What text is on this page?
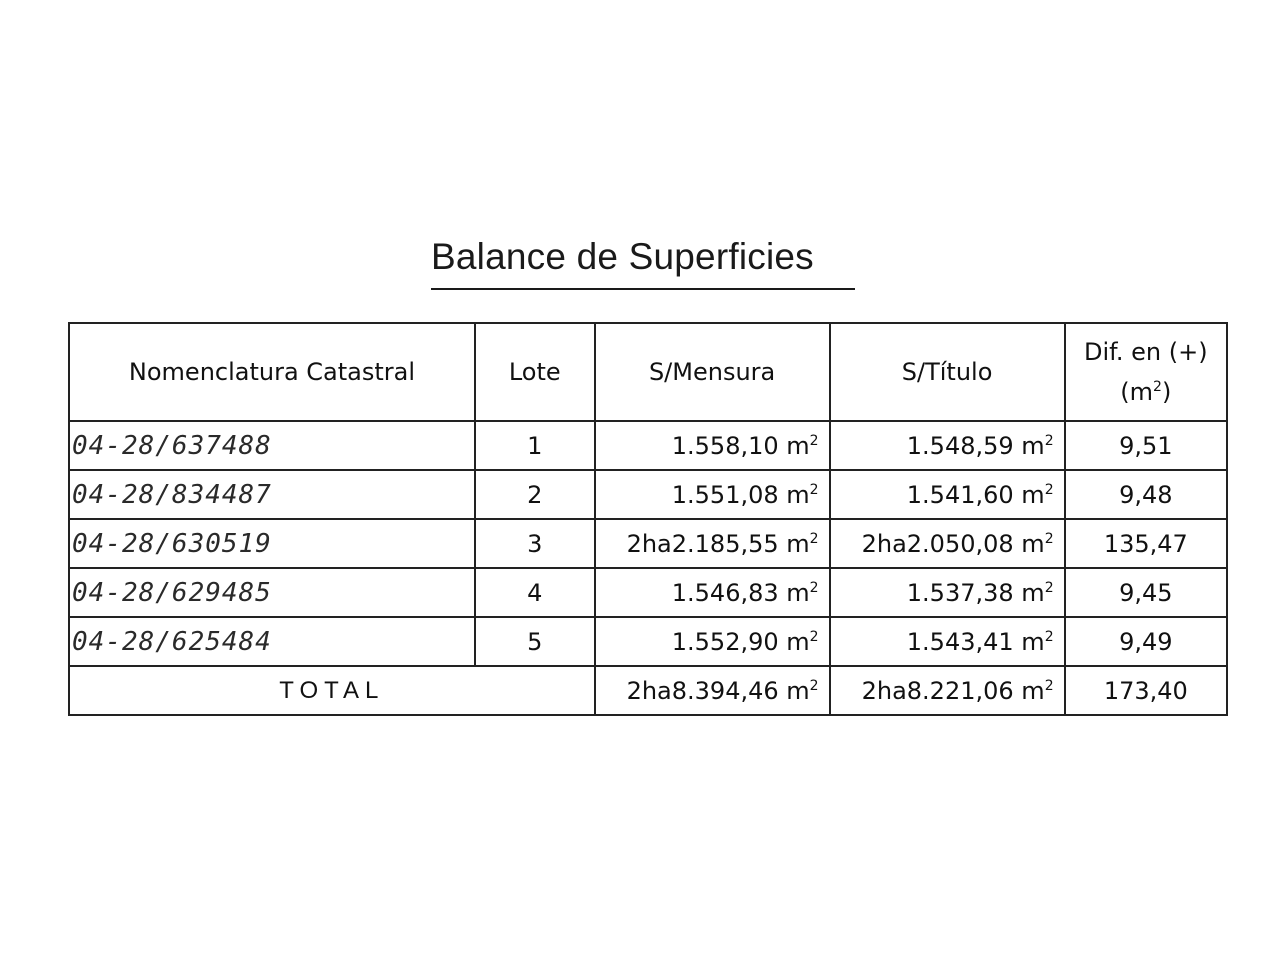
Balance de Superficies
Nomenclatura Catastral	Lote	S/Mensura	S/Título	Dif. en (+)
$(m^2)$

04-28/637488	1	1.558,10 $m^2$	1.548,59 $m^2$	9,51
04-28/834487	2	1.551,08 $m^2$	1.541,60 $m^2$	9,48
04-28/630519	3	2ha2.185,55 $m^2$	2ha2.050,08 $m^2$	135,47
04-28/629485	4	1.546,83 $m^2$	1.537,38 $m^2$	9,45
04-28/625484	5	1.552,90 $m^2$	1.543,41 $m^2$	9,49
TOTAL		2ha8.394,46 $m^2$	2ha8.221,06 $m^2$	173,40
